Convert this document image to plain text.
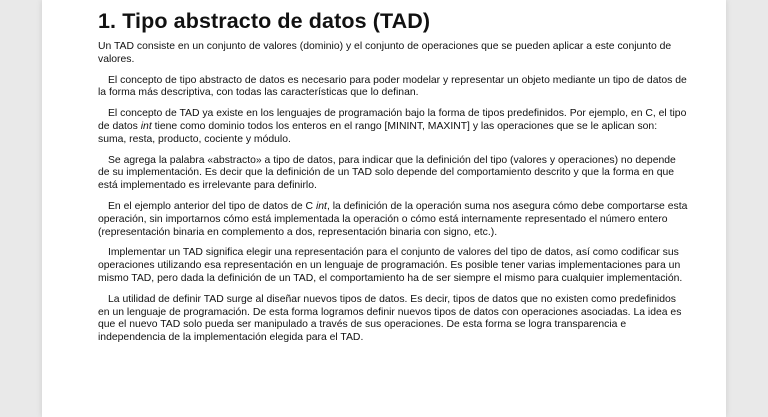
1. Tipo abstracto de datos (TAD)

Un TAD consiste en un conjunto de valores (dominio) y el conjunto de operaciones que se pueden aplicar a este conjunto de valores.

El concepto de tipo abstracto de datos es necesario para poder modelar y representar un objeto mediante un tipo de datos de la forma más descriptiva, con todas las características que lo definan.

El concepto de TAD ya existe en los lenguajes de programación bajo la forma de tipos predefinidos. Por ejemplo, en C, el tipo de datos int tiene como dominio todos los enteros en el rango [MININT, MAXINT] y las operaciones que se le aplican son: suma, resta, producto, cociente y módulo.

Se agrega la palabra «abstracto» a tipo de datos, para indicar que la definición del tipo (valores y operaciones) no depende de su implementación. Es decir que la definición de un TAD solo depende del comportamiento descrito y que la forma en que está implementado es irrelevante para definirlo.

En el ejemplo anterior del tipo de datos de C int, la definición de la operación suma nos asegura cómo debe comportarse esta operación, sin importarnos cómo está implementada la operación o cómo está internamente representado el número entero (representación binaria en complemento a dos, representación binaria con signo, etc.).

Implementar un TAD significa elegir una representación para el conjunto de valores del tipo de datos, así como codificar sus operaciones utilizando esa representación en un lenguaje de programación. Es posible tener varias implementaciones para un mismo TAD, pero dada la definición de un TAD, el comportamiento ha de ser siempre el mismo para cualquier implementación.

La utilidad de definir TAD surge al diseñar nuevos tipos de datos. Es decir, tipos de datos que no existen como predefinidos en un lenguaje de programación. De esta forma logramos definir nuevos tipos de datos con operaciones asociadas. La idea es que el nuevo TAD solo pueda ser manipulado a través de sus operaciones. De esta forma se logra transparencia e independencia de la implementación elegida para el TAD.
